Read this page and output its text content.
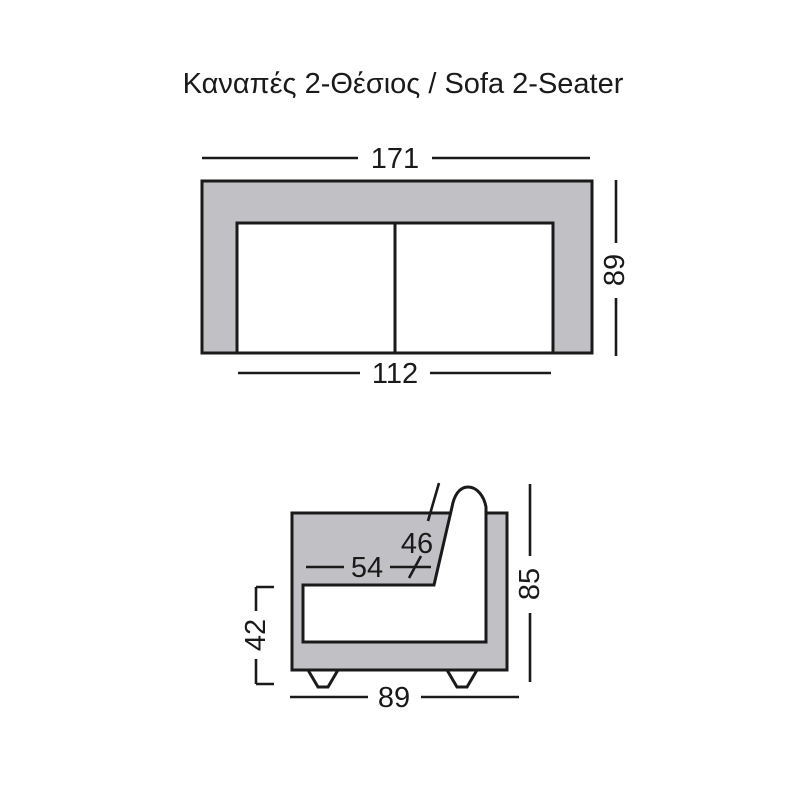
Καναπές 2-Θέσιος / Sofa 2-Seater
171
89
112
46
54
42
85
89
